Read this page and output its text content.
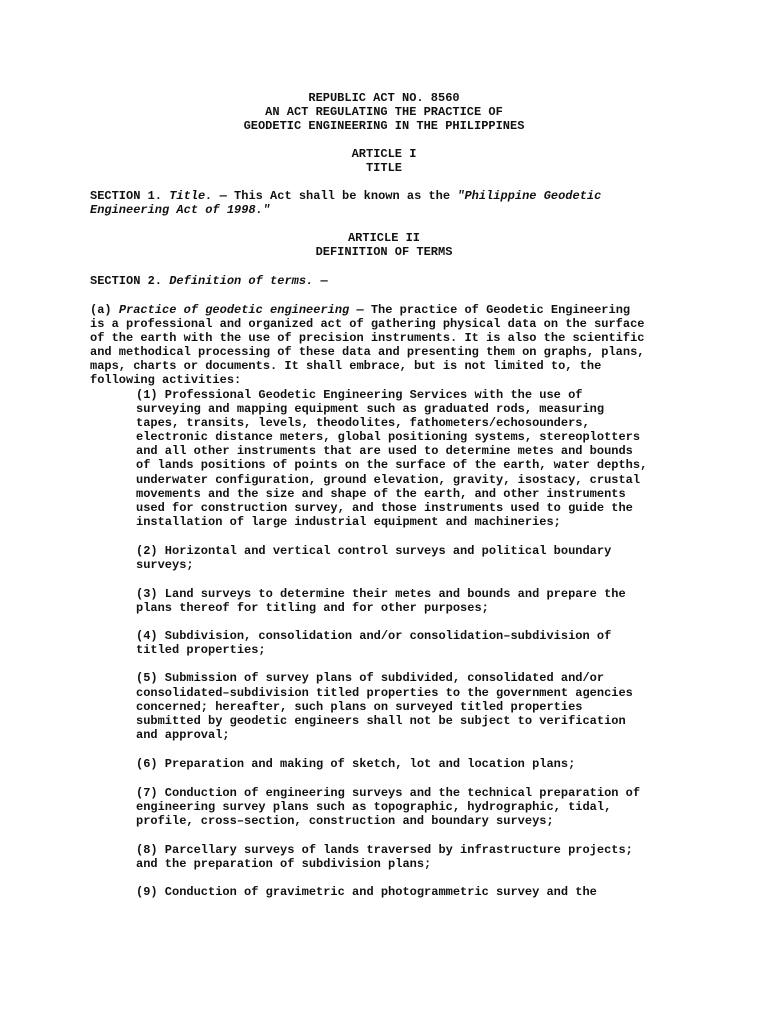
REPUBLIC ACT NO. 8560
AN ACT REGULATING THE PRACTICE OF
GEODETIC ENGINEERING IN THE PHILIPPINES
ARTICLE I
TITLE
SECTION 1. Title. — This Act shall be known as the "Philippine Geodetic
Engineering Act of 1998."
ARTICLE II
DEFINITION OF TERMS
SECTION 2. Definition of terms. —
(a) Practice of geodetic engineering — The practice of Geodetic Engineering
is a professional and organized act of gathering physical data on the surface
of the earth with the use of precision instruments. It is also the scientific
and methodical processing of these data and presenting them on graphs, plans,
maps, charts or documents. It shall embrace, but is not limited to, the
following activities:
(1) Professional Geodetic Engineering Services with the use of
surveying and mapping equipment such as graduated rods, measuring
tapes, transits, levels, theodolites, fathometers/echosounders,
electronic distance meters, global positioning systems, stereoplotters
and all other instruments that are used to determine metes and bounds
of lands positions of points on the surface of the earth, water depths,
underwater configuration, ground elevation, gravity, isostacy, crustal
movements and the size and shape of the earth, and other instruments
used for construction survey, and those instruments used to guide the
installation of large industrial equipment and machineries;
(2) Horizontal and vertical control surveys and political boundary
surveys;
(3) Land surveys to determine their metes and bounds and prepare the
plans thereof for titling and for other purposes;
(4) Subdivision, consolidation and/or consolidation–subdivision of
titled properties;
(5) Submission of survey plans of subdivided, consolidated and/or
consolidated–subdivision titled properties to the government agencies
concerned; hereafter, such plans on surveyed titled properties
submitted by geodetic engineers shall not be subject to verification
and approval;
(6) Preparation and making of sketch, lot and location plans;
(7) Conduction of engineering surveys and the technical preparation of
engineering survey plans such as topographic, hydrographic, tidal,
profile, cross–section, construction and boundary surveys;
(8) Parcellary surveys of lands traversed by infrastructure projects;
and the preparation of subdivision plans;
(9) Conduction of gravimetric and photogrammetric survey and the
